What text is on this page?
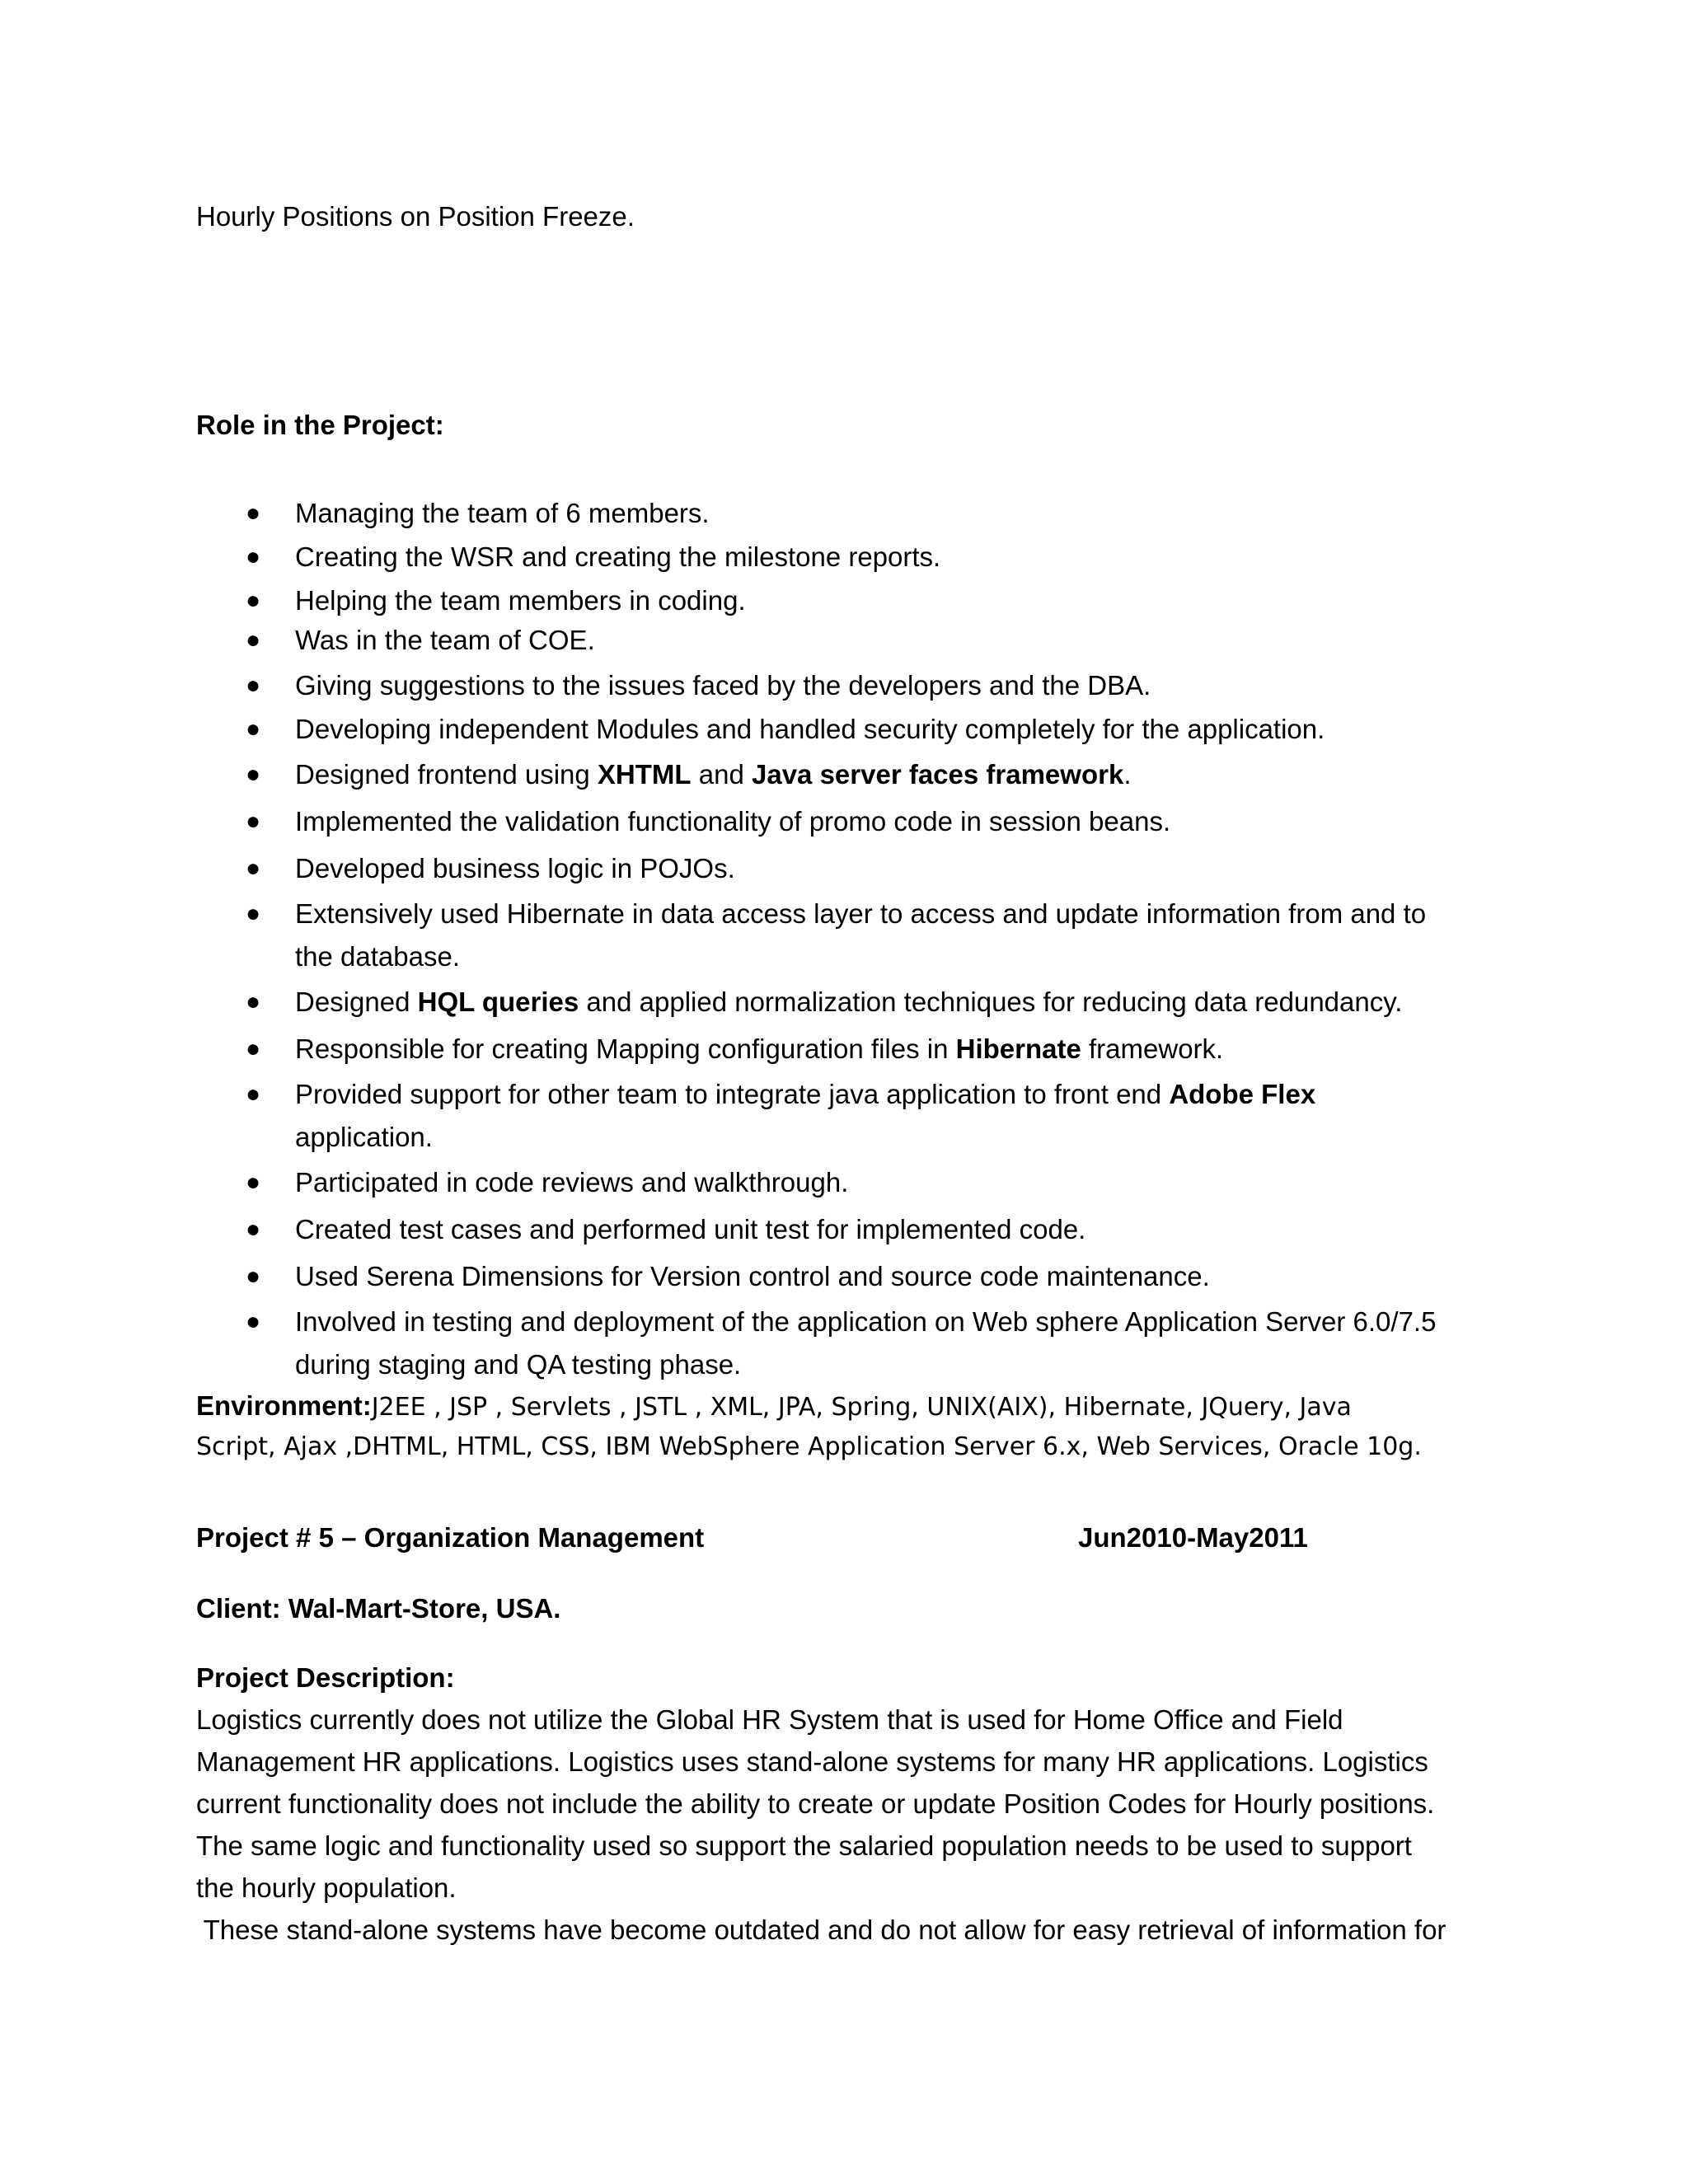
Hourly Positions on Position Freeze.
Role in the Project:
● Managing the team of 6 members.
● Creating the WSR and creating the milestone reports.
● Helping the team members in coding.
● Was in the team of COE.
● Giving suggestions to the issues faced by the developers and the DBA.
● Developing independent Modules and handled security completely for the application.
● Designed frontend using XHTML and Java server faces framework.
● Implemented the validation functionality of promo code in session beans.
● Developed business logic in POJOs.
● Extensively used Hibernate in data access layer to access and update information from and to
the database.
● Designed HQL queries and applied normalization techniques for reducing data redundancy.
● Responsible for creating Mapping configuration files in Hibernate framework.
● Provided support for other team to integrate java application to front end Adobe Flex
application.
● Participated in code reviews and walkthrough.
● Created test cases and performed unit test for implemented code.
● Used Serena Dimensions for Version control and source code maintenance.
● Involved in testing and deployment of the application on Web sphere Application Server 6.0/7.5
during staging and QA testing phase.
Environment:J2EE , JSP , Servlets , JSTL , XML, JPA, Spring, UNIX(AIX), Hibernate, JQuery, Java
Script, Ajax ,DHTML, HTML, CSS, IBM WebSphere Application Server 6.x, Web Services, Oracle 10g.
Project # 5 – Organization Management	Jun2010-May2011
Client: Wal-Mart-Store, USA.
Project Description:
Logistics currently does not utilize the Global HR System that is used for Home Office and Field
Management HR applications. Logistics uses stand-alone systems for many HR applications. Logistics
current functionality does not include the ability to create or update Position Codes for Hourly positions.
The same logic and functionality used so support the salaried population needs to be used to support
the hourly population.
These stand-alone systems have become outdated and do not allow for easy retrieval of information for
